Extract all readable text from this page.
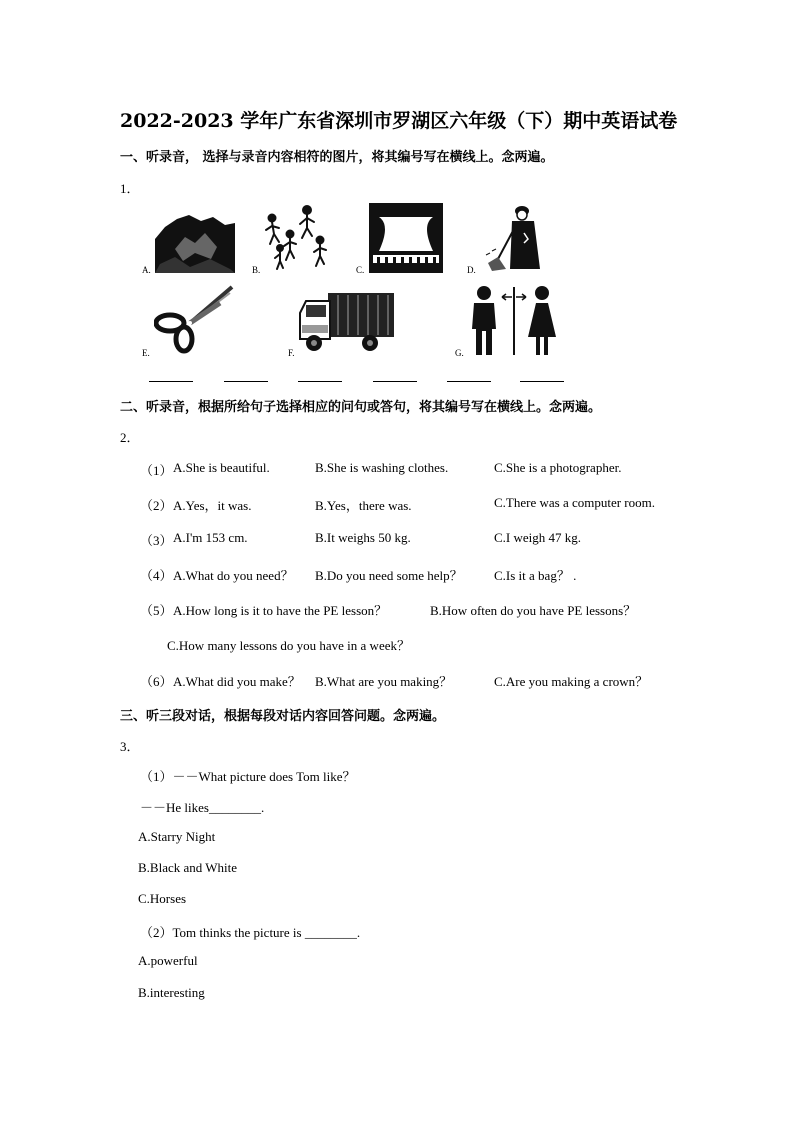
2022-2023 学年广东省深圳市罗湖区六年级（下）期中英语试卷
一、听录音， 选择与录音内容相符的图片，将其编号写在横线上。念两遍。
1．
A.	B.	C.	D.
E.	F.	G.
二、听录音，根据所给句子选择相应的问句或答句，将其编号写在横线上。念两遍。
2．
（1） A.She is beautiful.	B.She is washing clothes.	C.She is a photographer.
（2） A.Yes，it was.	B.Yes，there was.	C.There was a computer room.
（3） A.I'm 153 cm.	B.It weighs 50 kg.	C.I weigh 47 kg.
（4） A.What do you need？ B.Do you need some help？ C.Is it a bag？ .
（5） A.How long is it to have the PE lesson？	B.How often do you have PE lessons？
C.How many lessons do you have in a week？
（6） A.What did you make？ B.What are you making？	C.Are you making a crown？
三、听三段对话，根据每段对话内容回答问题。念两遍。
3．
（1）－－What picture does Tom like？
－－He likes________.
A.Starry Night
B.Black and White
C.Horses
（2）Tom thinks the picture is ________.
A.powerful
B.interesting
